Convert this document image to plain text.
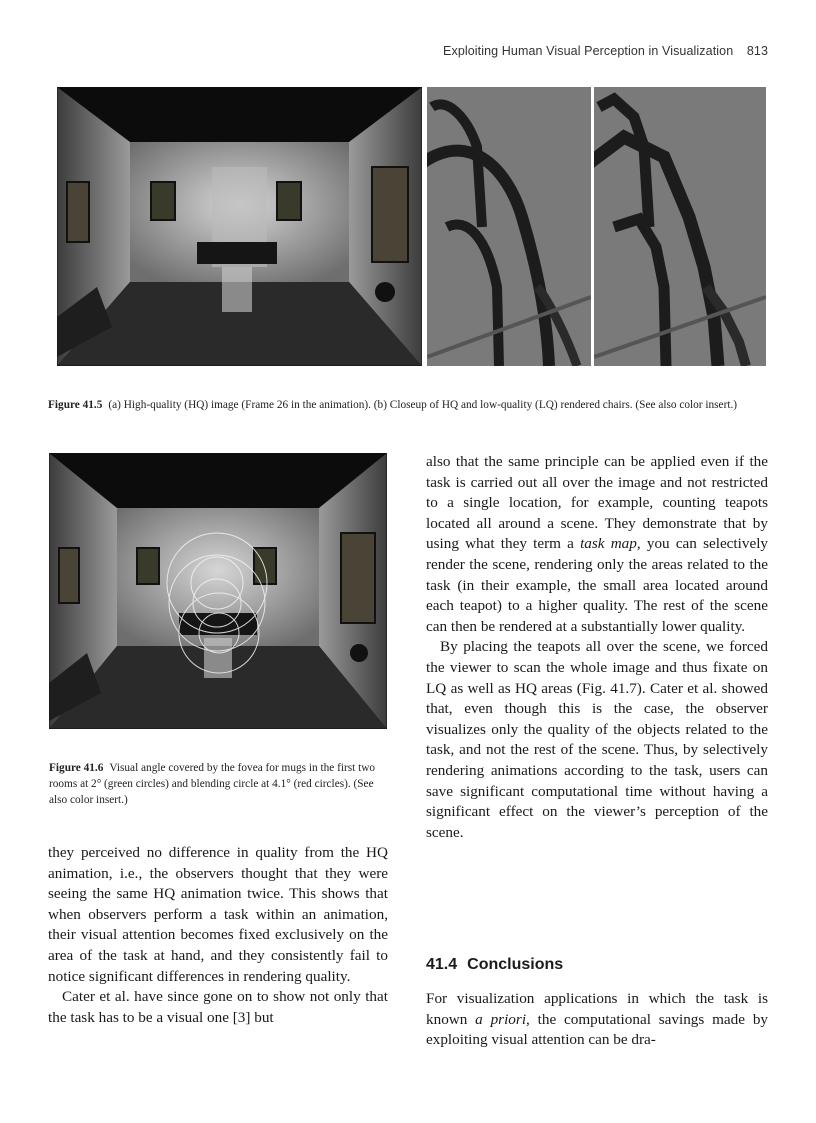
Exploiting Human Visual Perception in Visualization 813
Figure 41.5 (a) High-quality (HQ) image (Frame 26 in the animation). (b) Closeup of HQ and low-quality (LQ) rendered chairs. (See also color insert.)
Figure 41.6 Visual angle covered by the fovea for mugs in the first two rooms at 2° (green circles) and blending circle at 4.1° (red circles). (See also color insert.)

they perceived no difference in quality from the HQ animation, i.e., the observers thought that they were seeing the same HQ animation twice. This shows that when observers perform a task within an animation, their visual attention becomes fixed exclusively on the area of the task at hand, and they consistently fail to notice significant differences in rendering quality.

Cater et al. have since gone on to show not only that the task has to be a visual one [3] but

also that the same principle can be applied even if the task is carried out all over the image and not restricted to a single location, for example, counting teapots located all around a scene. They demonstrate that by using what they term a task map, you can selectively render the scene, rendering only the areas related to the task (in their example, the small area located around each teapot) to a higher quality. The rest of the scene can then be rendered at a substantially lower quality.

By placing the teapots all over the scene, we forced the viewer to scan the whole image and thus fixate on LQ as well as HQ areas (Fig. 41.7). Cater et al. showed that, even though this is the case, the observer visualizes only the quality of the objects related to the task, and not the rest of the scene. Thus, by selectively rendering animations according to the task, users can save significant computational time without having a significant effect on the viewer’s perception of the scene.

41.4 Conclusions

For visualization applications in which the task is known a priori, the computational savings made by exploiting visual attention can be dra-
